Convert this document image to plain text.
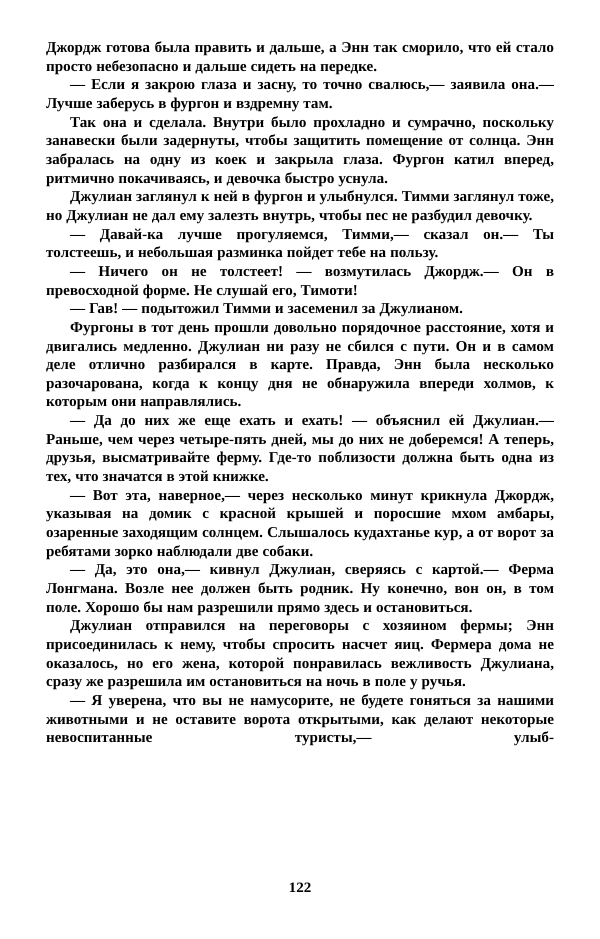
Джордж готова была править и дальше, а Энн так сморило, что ей стало просто небезопасно и дальше сидеть на передке.

— Если я закрою глаза и засну, то точно свалюсь,— заявила она.— Лучше заберусь в фургон и вздремну там.

Так она и сделала. Внутри было прохладно и сумрачно, поскольку занавески были задернуты, чтобы защитить помещение от солнца. Энн забралась на одну из коек и закрыла глаза. Фургон катил вперед, ритмично покачиваясь, и девочка быстро уснула.

Джулиан заглянул к ней в фургон и улыбнулся. Тимми заглянул тоже, но Джулиан не дал ему залезть внутрь, чтобы пес не разбудил девочку.

— Давай-ка лучше прогуляемся, Тимми,— сказал он.— Ты толстеешь, и небольшая разминка пойдет тебе на пользу.

— Ничего он не толстеет! — возмутилась Джордж.— Он в превосходной форме. Не слушай его, Тимоти!

— Гав! — подытожил Тимми и засеменил за Джулианом.

Фургоны в тот день прошли довольно порядочное расстояние, хотя и двигались медленно. Джулиан ни разу не сбился с пути. Он и в самом деле отлично разбирался в карте. Правда, Энн была несколько разочарована, когда к концу дня не обнаружила впереди холмов, к которым они направлялись.

— Да до них же еще ехать и ехать! — объяснил ей Джулиан.— Раньше, чем через четыре-пять дней, мы до них не доберемся! А теперь, друзья, высматривайте ферму. Где-то поблизости должна быть одна из тех, что значатся в этой книжке.

— Вот эта, наверное,— через несколько минут крикнула Джордж, указывая на домик с красной крышей и поросшие мхом амбары, озаренные заходящим солнцем. Слышалось кудахтанье кур, а от ворот за ребятами зорко наблюдали две собаки.

— Да, это она,— кивнул Джулиан, сверяясь с картой.— Ферма Лонгмана. Возле нее должен быть родник. Ну конечно, вон он, в том поле. Хорошо бы нам разрешили прямо здесь и остановиться.

Джулиан отправился на переговоры с хозяином фермы; Энн присоединилась к нему, чтобы спросить насчет яиц. Фермера дома не оказалось, но его жена, которой понравилась вежливость Джулиана, сразу же разрешила им остановиться на ночь в поле у ручья.

— Я уверена, что вы не намусорите, не будете гоняться за нашими животными и не оставите ворота открытыми, как делают некоторые невоспитанные туристы,— улыб-

122
